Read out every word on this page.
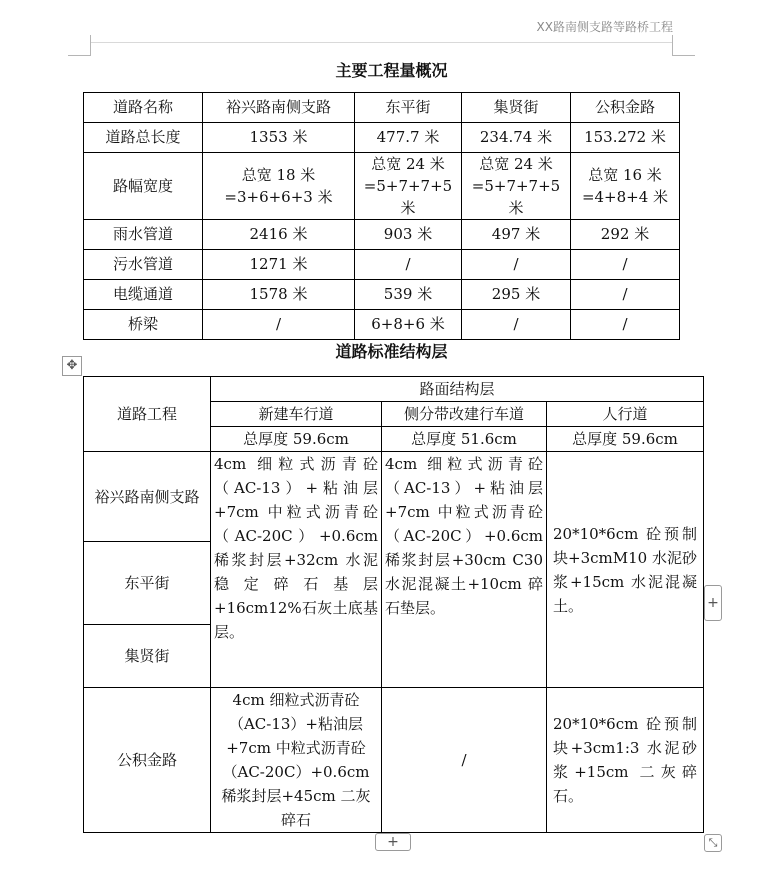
XX路南侧支路等路桥工程
主要工程量概况
道路名称	裕兴路南侧支路	东平街	集贤街	公积金路
道路总长度	1353 米	477.7 米	234.74 米	153.272 米
路幅宽度	总宽 18 米=3+6+6+3 米	总宽 24 米=5+7+7+5 米	总宽 24 米=5+7+7+5 米	总宽 16 米=4+8+4 米
雨水管道	2416 米	903 米	497 米	292 米
污水管道	1271 米	/	/	/
电缆通道	1578 米	539 米	295 米	/
桥梁	/	6+8+6 米	/	/
道路标准结构层
✥
道路工程	路面结构层		
	新建车行道	侧分带改建行车道	人行道
	总厚度 59.6cm	总厚度 51.6cm	总厚度 59.6cm
裕兴路南侧支路	4cm 细粒式沥青砼（AC-13）+粘油层+7cm 中粒式沥青砼（AC-20C）+0.6cm 稀浆封层+32cm 水泥稳定碎石基层+16cm12%石灰土底基层。	4cm 细粒式沥青砼（AC-13）+粘油层+7cm 中粒式沥青砼（AC-20C）+0.6cm 稀浆封层+30cm C30 水泥混凝土+10cm 碎石垫层。	20*10*6cm 砼预制块+3cmM10 水泥砂浆+15cm 水泥混凝土。
东平街			
集贤街			
公积金路	4cm 细粒式沥青砼（AC-13）+粘油层+7cm 中粒式沥青砼（AC-20C）+0.6cm 稀浆封层+45cm 二灰碎石	/	20*10*6cm 砼预制块+3cm1:3 水泥砂浆+15cm 二灰碎石。
+
+	⤡
